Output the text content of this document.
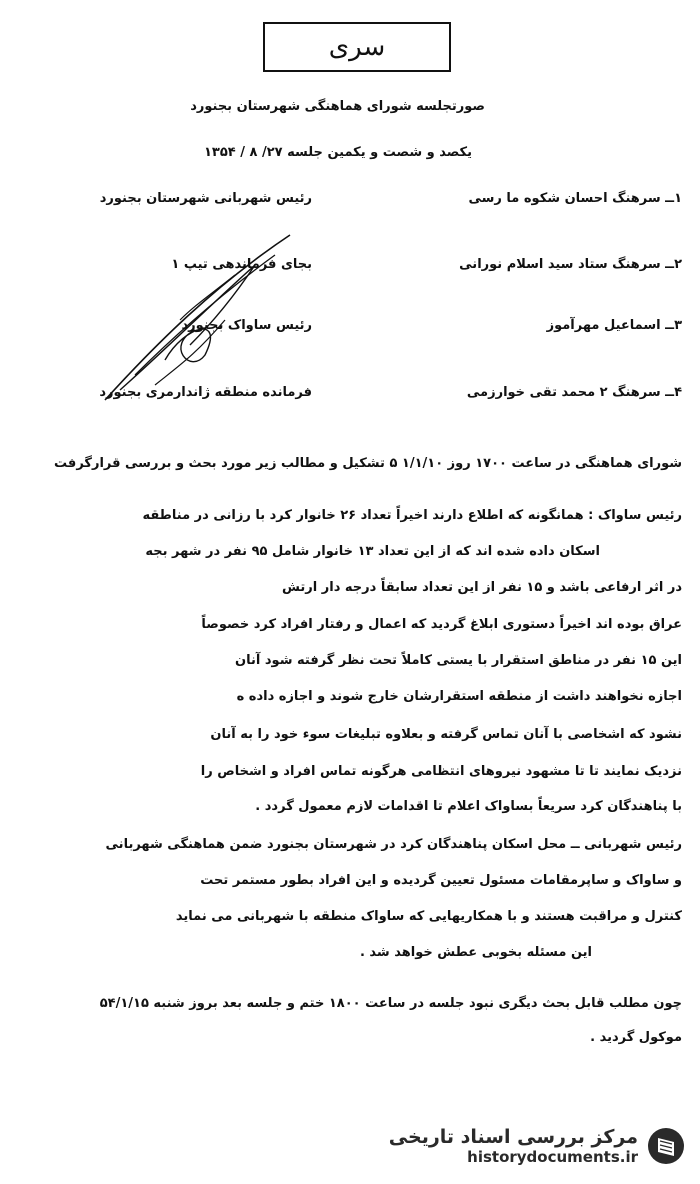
سری
صورتجلسه شورای هماهنگی شهرستان بجنورد
یکصد و شصت و یکمین جلسه ۲۷/ ۸ / ۱۳۵۴
۱ــ سرهنگ احسان شکوه ما رسی
رئیس شهربانی شهرستان بجنورد
۲ــ سرهنگ ستاد سید اسلام نورانی
بجای فرماندهی تیپ ۱
۳ــ اسماعیل مهرآموز
رئیس ساواک بجنورد
۴ــ سرهنگ ۲ محمد تقی خوارزمی
فرمانده منطقه ژاندارمری بجنورد
شورای هماهنگی در ساعت ۱۷۰۰ روز ۱/۱/۱۰ ۵ تشکیل و مطالب زیر مورد بحث و بررسی قرارگرفت
رئیس ساواک : همانگونه که اطلاع دارند اخیراً تعداد ۲۶ خانوار کرد با رزانی در مناطقه
اسکان داده شده اند که از این تعداد ۱۳ خانوار شامل ۹۵ نفر در شهر بجه
در اثر ارفاعی باشد و ۱۵ نفر از این تعداد سابقاً درجه دار ارتش
عراق بوده اند اخیراً دستوری ابلاغ گردید که اعمال و رفتار افراد کرد خصوصاً
این ۱۵ نفر در مناطق استقرار با یستی کاملاً تحت نظر گرفته شود آنان
اجازه نخواهند داشت از منطقه استقرارشان خارج شوند و اجازه داده ه
نشود که اشخاصی با آنان تماس گرفته و بعلاوه تبلیغات سوء خود را به آنان
نزدیک نمایند تا تا مشهود نیروهای انتظامی هرگونه تماس افراد و اشخاص را
با پناهندگان کرد سریعاً بساواک اعلام تا اقدامات لازم معمول گردد .
رئیس شهربانی ــ محل اسکان پناهندگان کرد در شهرستان بجنورد ضمن هماهنگی شهربانی
و ساواک و ساپرمقامات مسئول تعیین گردیده و این افراد بطور مستمر تحت
کنترل و مراقبت هستند و با همکاریهایی که ساواک منطقه با شهربانی می نماید
این مسئله بخوبی عطش خواهد شد .
چون مطلب قابل بحث دیگری نبود جلسه در ساعت ۱۸۰۰ ختم و جلسه بعد بروز شنبه ۵۴/۱/۱۵
موکول گردید .
مرکز بررسی اسناد تاریخی
historydocuments.ir
